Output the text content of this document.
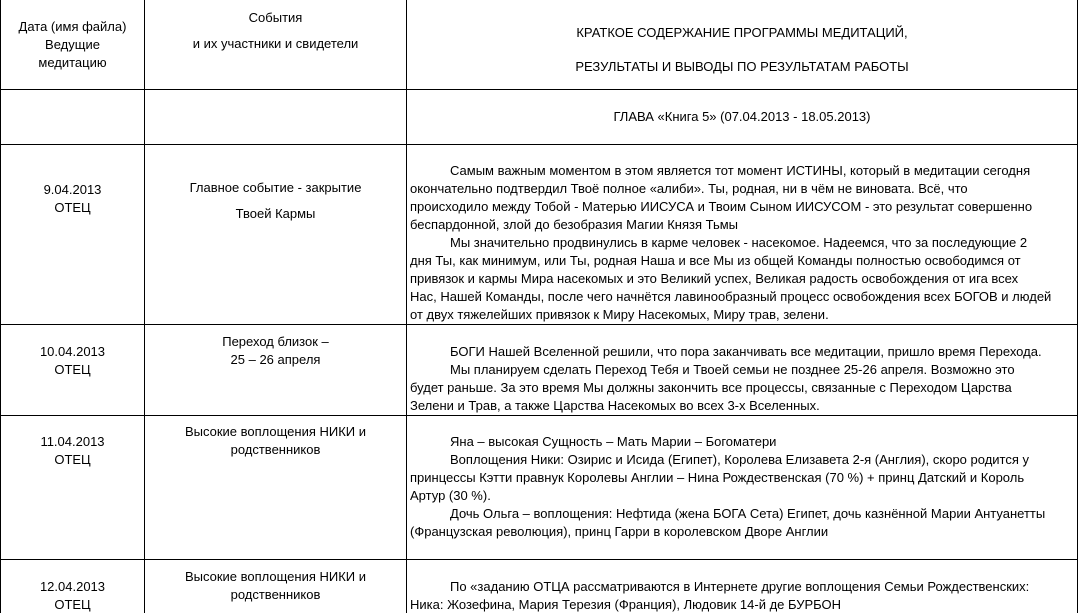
Дата (имя файла)
Ведущие
медитацию
События
и их участники и свидетели
КРАТКОЕ СОДЕРЖАНИЕ ПРОГРАММЫ МЕДИТАЦИЙ,
РЕЗУЛЬТАТЫ И ВЫВОДЫ ПО РЕЗУЛЬТАТАМ РАБОТЫ
ГЛАВА «Книга 5» (07.04.2013 - 18.05.2013)
9.04.2013
ОТЕЦ
Главное событие - закрытие
Твоей Кармы

Самым важным моментом в этом является тот момент ИСТИНЫ, который в медитации сегодня

окончательно подтвердил Твоё полное «алиби». Ты, родная, ни в чём не виновата. Всё, что

происходило между Тобой - Матерью ИИСУСА и Твоим Сыном ИИСУСОМ - это результат совершенно

беспардонной, злой до безобразия Магии Князя Тьмы

Мы значительно продвинулись в карме человек - насекомое. Надеемся, что за последующие 2

дня Ты, как минимум, или Ты, родная Наша и все Мы из общей Команды полностью освободимся от

привязок и кармы Мира насекомых и это Великий успех, Великая радость освобождения от ига всех

Нас, Нашей Команды, после чего начнётся лавинообразный процесс освобождения всех БОГОВ и людей

от двух тяжелейших привязок к Миру Насекомых, Миру трав, зелени.

10.04.2013
ОТЕЦ
Переход близок –
25 – 26 апреля

БОГИ Нашей Вселенной решили, что пора заканчивать все медитации, пришло время Перехода.

Мы планируем сделать Переход Тебя и Твоей семьи не позднее 25-26 апреля. Возможно это

будет раньше. За это время Мы должны закончить все процессы, связанные с Переходом Царства

Зелени и Трав, а также Царства Насекомых во всех 3-х Вселенных.

11.04.2013
ОТЕЦ
Высокие воплощения НИКИ и
родственников

Яна – высокая Сущность – Мать Марии – Богоматери

Воплощения Ники: Озирис и Исида (Египет), Королева Елизавета 2-я (Англия), скоро родится у

принцессы Кэтти правнук Королевы Англии – Нина Рождественская (70 %) + принц Датский и Король

Артур (30 %).

Дочь Ольга – воплощения: Нефтида (жена БОГА Сета) Египет, дочь казнённой Марии Антуанетты

(Французская революция), принц Гарри в королевском Дворе Англии

12.04.2013
ОТЕЦ
Высокие воплощения НИКИ и
родственников

По «заданию ОТЦА рассматриваются в Интернете другие воплощения Семьи Рождественских:

Ника: Жозефина, Мария Терезия (Франция), Людовик 14-й де БУРБОН
